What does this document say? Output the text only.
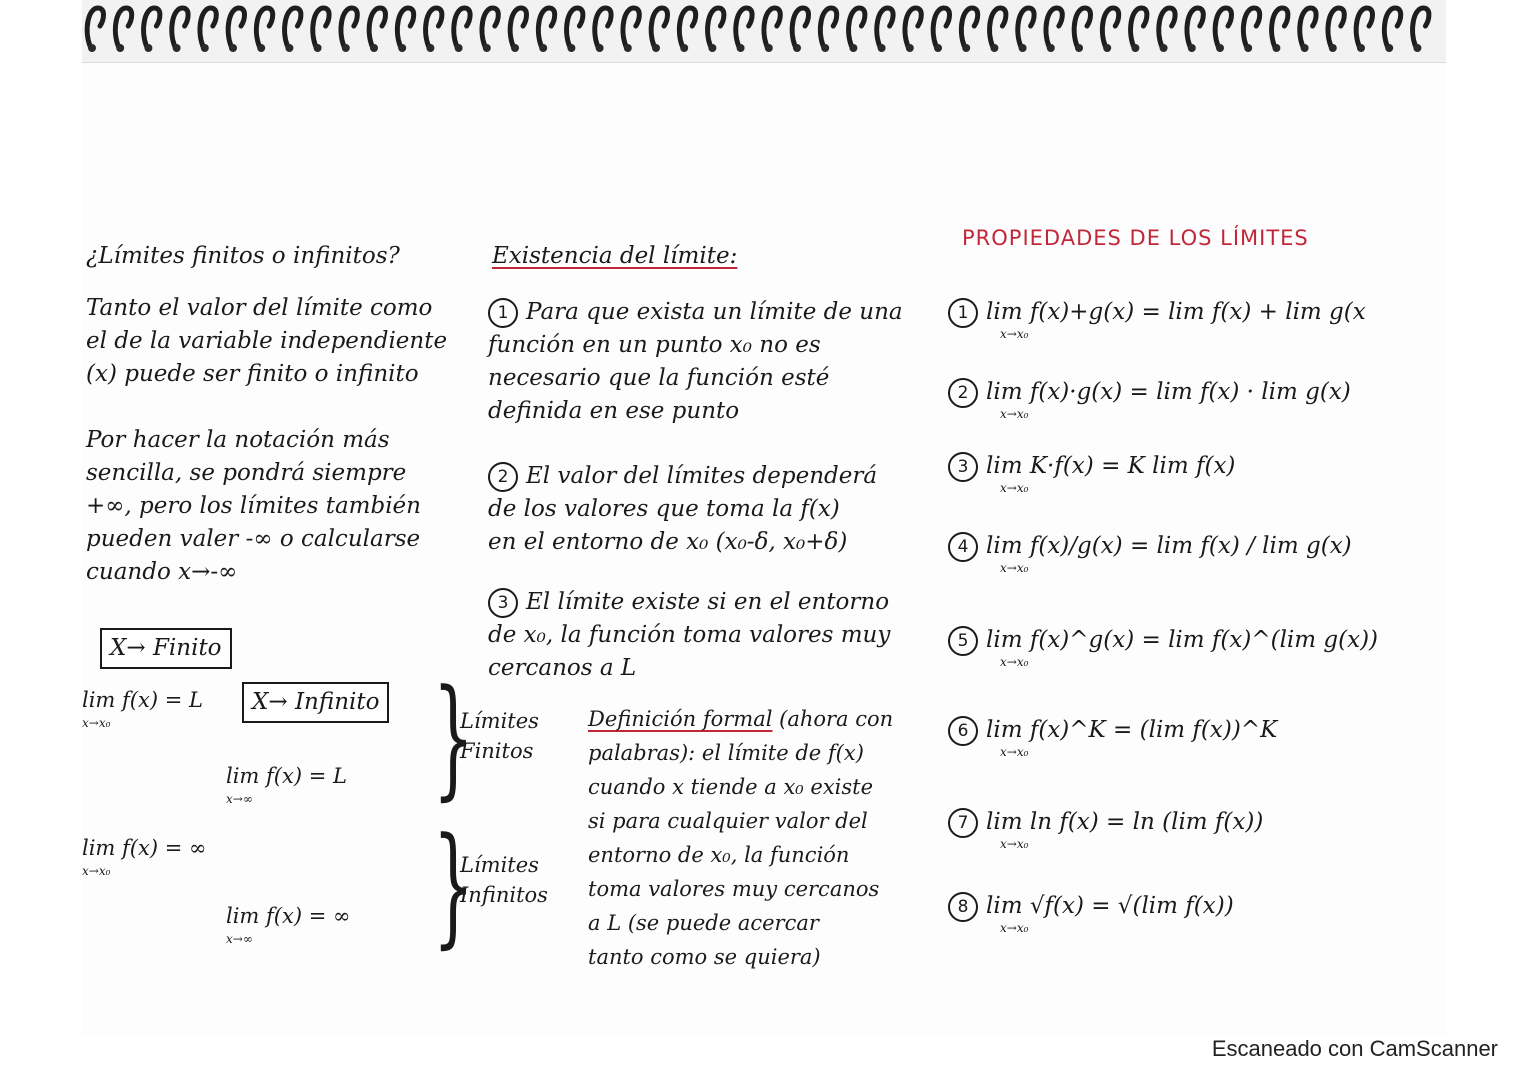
¿Límites finitos o infinitos?
Tanto el valor del límite como
el de la variable independiente
(x) puede ser finito o infinito
Por hacer la notación más
sencilla, se pondrá siempre
+∞, pero los límites también
pueden valer -∞ o calcularse
cuando x→-∞
X→ Finito
lim f(x) = L
x→x₀
X→ Infinito
lim f(x) = L
x→∞
lim f(x) = ∞
x→x₀
lim f(x) = ∞
x→∞
}
}
Límites
Finitos
Límites
Infinitos
Existencia del límite:
1 Para que exista un límite de una
función en un punto x₀ no es
necesario que la función esté
definida en ese punto
2 El valor del límites dependerá
de los valores que toma la f(x)
en el entorno de x₀ (x₀-δ, x₀+δ)
3 El límite existe si en el entorno
de x₀, la función toma valores muy
cercanos a L
Definición formal (ahora con
palabras): el límite de f(x)
cuando x tiende a x₀ existe
si para cualquier valor del
entorno de x₀, la función
toma valores muy cercanos
a L (se puede acercar
tanto como se quiera)
PROPIEDADES DE LOS LÍMITES
1 lim f(x)+g(x) = lim f(x) + lim g(x
x→x₀
2 lim f(x)·g(x) = lim f(x) · lim g(x)
x→x₀
3 lim K·f(x) = K lim f(x)
x→x₀
4 lim f(x)/g(x) = lim f(x) / lim g(x)
x→x₀
5 lim f(x)^g(x) = lim f(x)^(lim g(x))
x→x₀
6 lim f(x)^K = (lim f(x))^K
x→x₀
7 lim ln f(x) = ln (lim f(x))
x→x₀
8 lim √f(x) = √(lim f(x))
x→x₀
Escaneado con CamScanner
